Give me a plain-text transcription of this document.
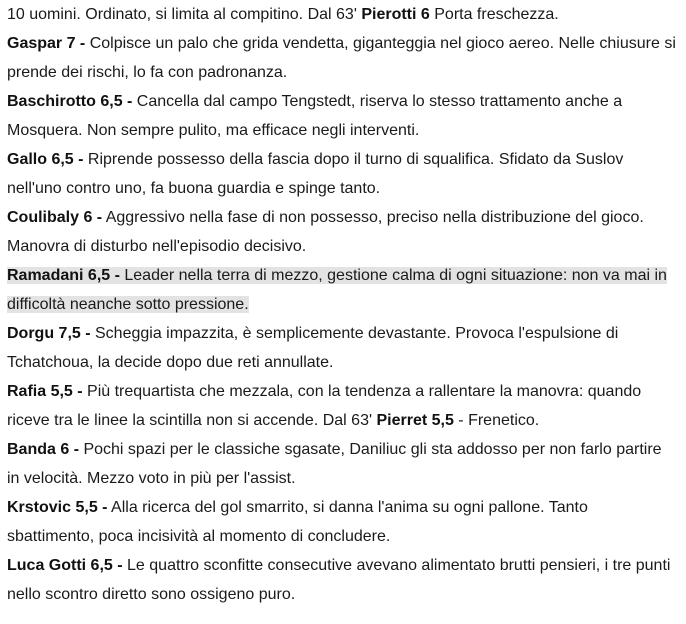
10 uomini. Ordinato, si limita al compitino. Dal 63' Pierotti 6 Porta freschezza.

Gaspar 7 - Colpisce un palo che grida vendetta, giganteggia nel gioco aereo. Nelle chiusure si prende dei rischi, lo fa con padronanza.

Baschirotto 6,5 - Cancella dal campo Tengstedt, riserva lo stesso trattamento anche a Mosquera. Non sempre pulito, ma efficace negli interventi.

Gallo 6,5 - Riprende possesso della fascia dopo il turno di squalifica. Sfidato da Suslov nell'uno contro uno, fa buona guardia e spinge tanto.

Coulibaly 6 - Aggressivo nella fase di non possesso, preciso nella distribuzione del gioco. Manovra di disturbo nell'episodio decisivo.

Ramadani 6,5 - Leader nella terra di mezzo, gestione calma di ogni situazione: non va mai in difficoltà neanche sotto pressione.

Dorgu 7,5 - Scheggia impazzita, è semplicemente devastante. Provoca l'espulsione di Tchatchoua, la decide dopo due reti annullate.

Rafia 5,5 - Più trequartista che mezzala, con la tendenza a rallentare la manovra: quando riceve tra le linee la scintilla non si accende. Dal 63' Pierret 5,5 - Frenetico.

Banda 6 - Pochi spazi per le classiche sgasate, Daniliuc gli sta addosso per non farlo partire in velocità. Mezzo voto in più per l'assist.

Krstovic 5,5 - Alla ricerca del gol smarrito, si danna l'anima su ogni pallone. Tanto sbattimento, poca incisività al momento di concludere.

Luca Gotti 6,5 - Le quattro sconfitte consecutive avevano alimentato brutti pensieri, i tre punti nello scontro diretto sono ossigeno puro.
